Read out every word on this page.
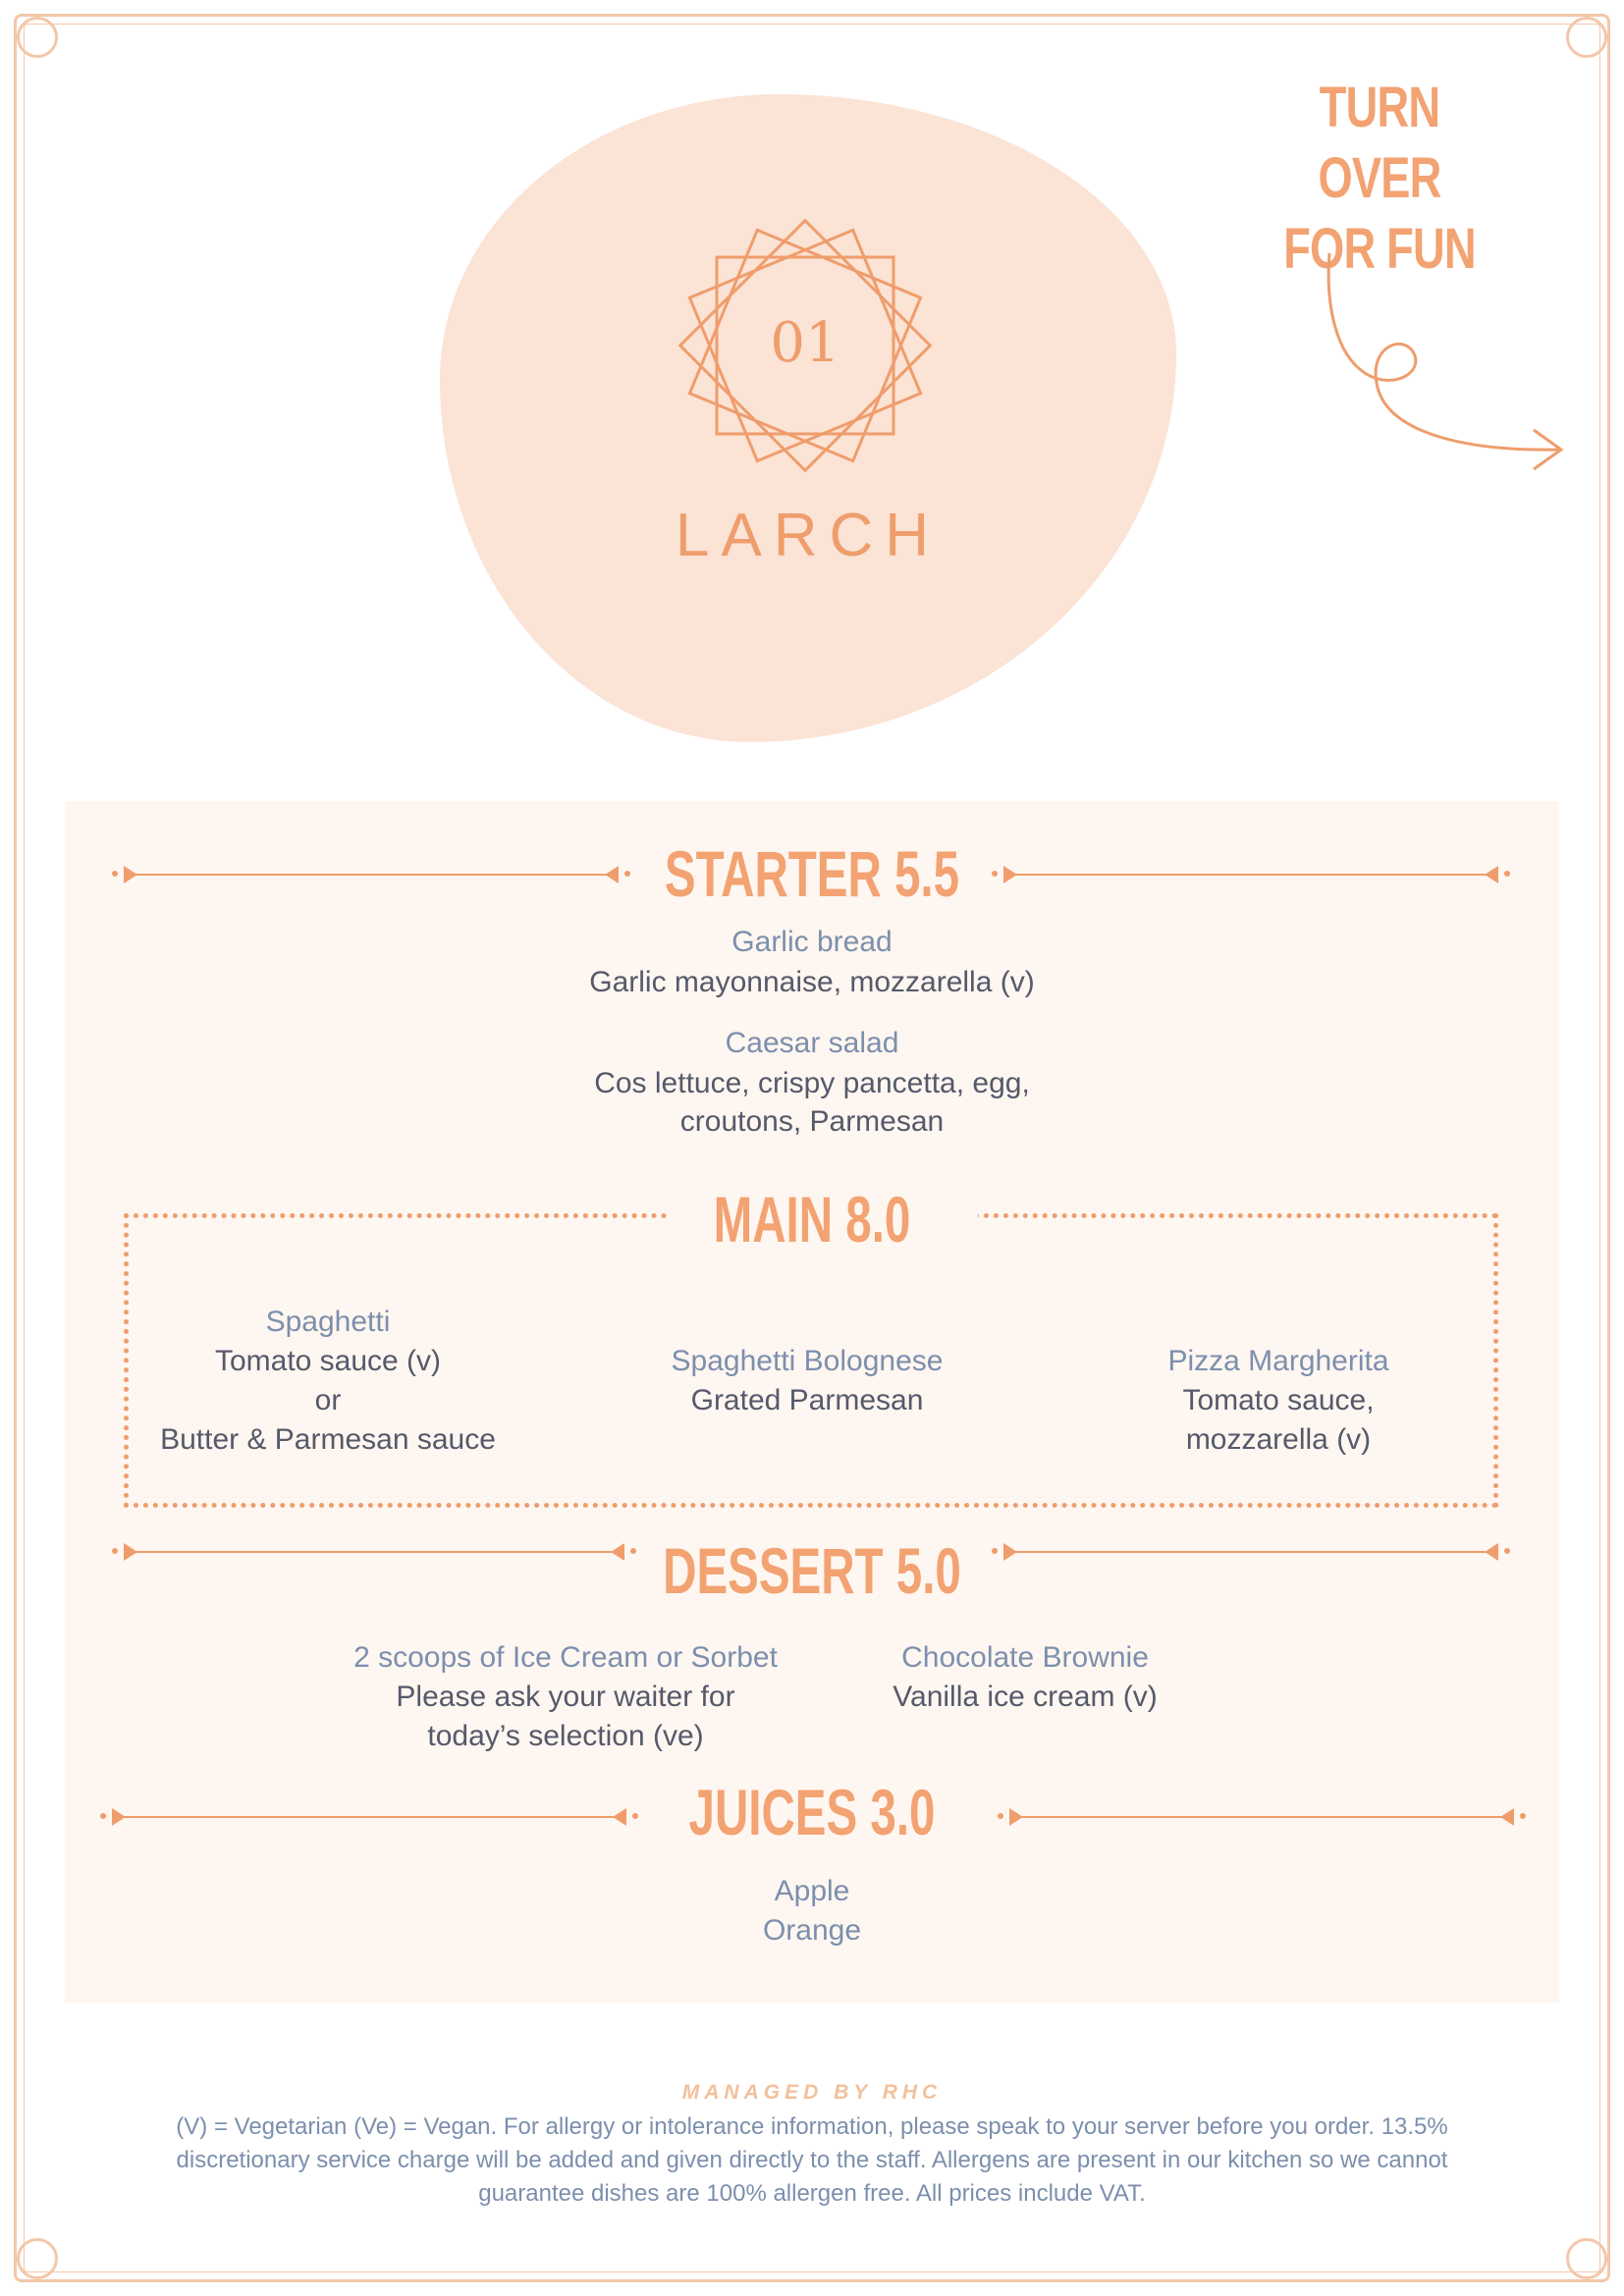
01
LARCH
TURN OVER
FOR FUN
STARTER 5.5
Garlic bread
Garlic mayonnaise, mozzarella (v)
Caesar salad
Cos lettuce, crispy pancetta, egg,
croutons, Parmesan
MAIN 8.0
Spaghetti
Tomato sauce (v)
or
Butter & Parmesan sauce
Spaghetti Bolognese
Grated Parmesan
Pizza Margherita
Tomato sauce,
mozzarella (v)
DESSERT 5.0
2 scoops of Ice Cream or Sorbet
Please ask your waiter for
today’s selection (ve)
Chocolate Brownie
Vanilla ice cream (v)
JUICES 3.0
Apple
Orange
MANAGED BY RHC
(V) = Vegetarian (Ve) = Vegan. For allergy or intolerance information, please speak to your server before you order. 13.5%
discretionary service charge will be added and given directly to the staff. Allergens are present in our kitchen so we cannot
guarantee dishes are 100% allergen free. All prices include VAT.
